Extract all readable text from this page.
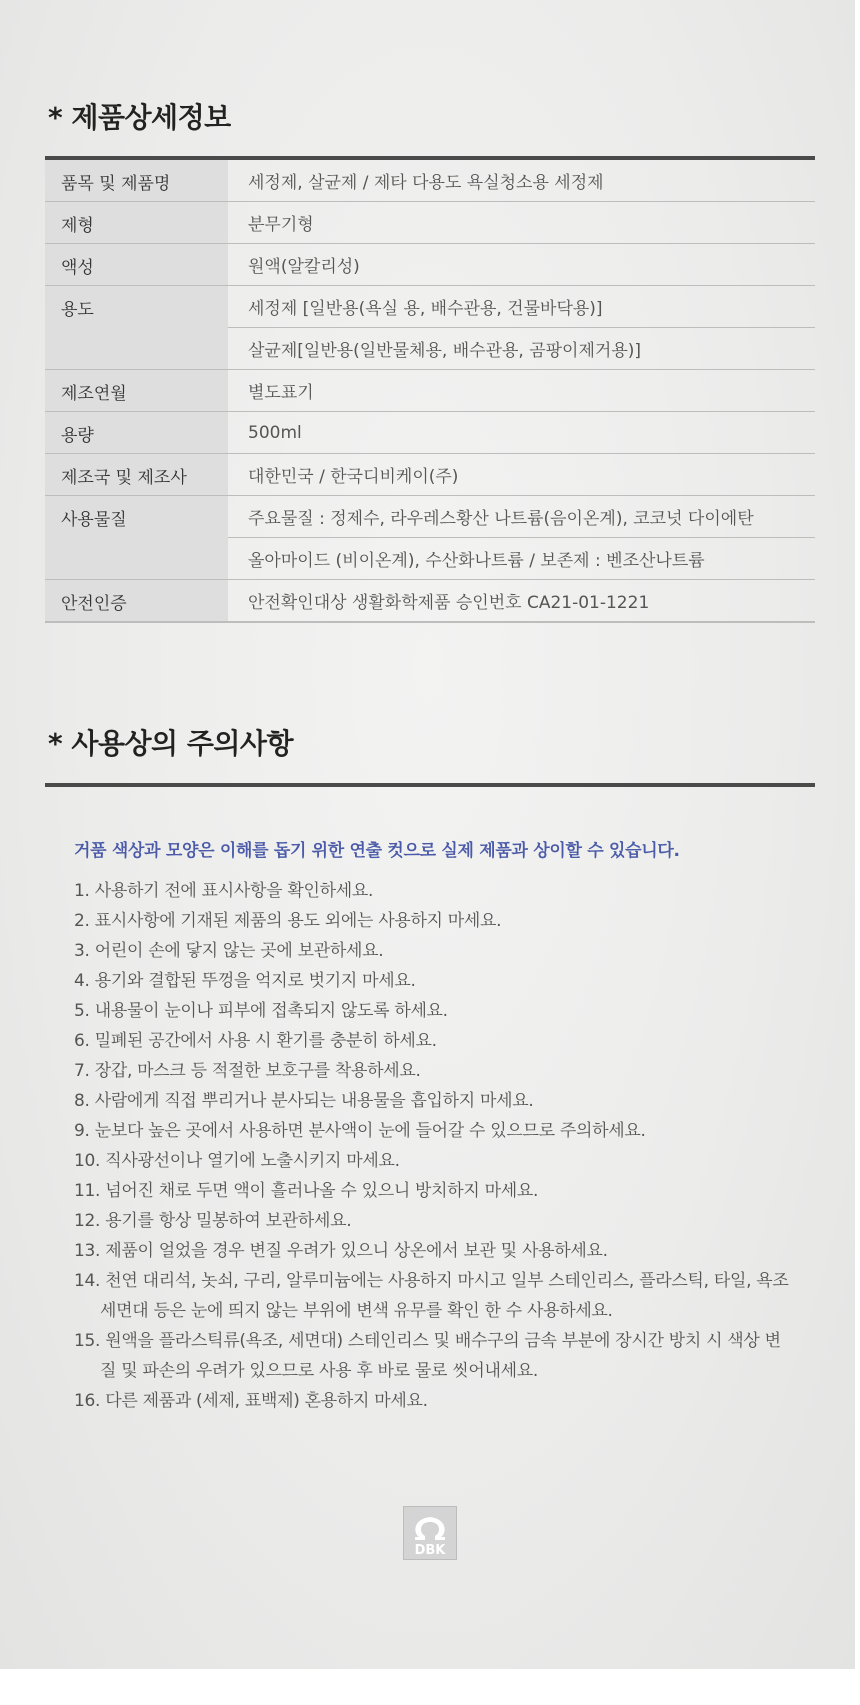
* 제품상세정보
품목 및 제품명	세정제, 살균제 / 제타 다용도 욕실청소용 세정제
제형	분무기형
액성	원액(알칼리성)
용도	세정제 [일반용(욕실 용, 배수관용, 건물바닥용)]
	살균제[일반용(일반물체용, 배수관용, 곰팡이제거용)]
제조연월	별도표기
용량	500ml
제조국 및 제조사	대한민국 / 한국디비케이(주)
사용물질	주요물질 : 정제수, 라우레스황산 나트륨(음이온계), 코코넛 다이에탄
	올아마이드 (비이온계), 수산화나트륨 / 보존제 : 벤조산나트륨
안전인증	안전확인대상 생활화학제품 승인번호 CA21-01-1221
* 사용상의 주의사항

거품 색상과 모양은 이해를 돕기 위한 연출 컷으로 실제 제품과 상이할 수 있습니다.

1. 사용하기 전에 표시사항을 확인하세요.
2. 표시사항에 기재된 제품의 용도 외에는 사용하지 마세요.
3. 어린이 손에 닿지 않는 곳에 보관하세요.
4. 용기와 결합된 뚜껑을 억지로 벗기지 마세요.
5. 내용물이 눈이나 피부에 접촉되지 않도록 하세요.
6. 밀폐된 공간에서 사용 시 환기를 충분히 하세요.
7. 장갑, 마스크 등 적절한 보호구를 착용하세요.
8. 사람에게 직접 뿌리거나 분사되는 내용물을 흡입하지 마세요.
9. 눈보다 높은 곳에서 사용하면 분사액이 눈에 들어갈 수 있으므로 주의하세요.
10. 직사광선이나 열기에 노출시키지 마세요.
11. 넘어진 채로 두면 액이 흘러나올 수 있으니 방치하지 마세요.
12. 용기를 항상 밀봉하여 보관하세요.
13. 제품이 얼었을 경우 변질 우려가 있으니 상온에서 보관 및 사용하세요.
14. 천연 대리석, 놋쇠, 구리, 알루미늄에는 사용하지 마시고 일부 스테인리스, 플라스틱, 타일, 욕조 세면대 등은 눈에 띄지 않는 부위에 변색 유무를 확인 한 수 사용하세요.
15. 원액을 플라스틱류(욕조, 세면대) 스테인리스 및 배수구의 금속 부분에 장시간 방치 시 색상 변질 및 파손의 우려가 있으므로 사용 후 바로 물로 씻어내세요.
16. 다른 제품과 (세제, 표백제) 혼용하지 마세요.
DBK
